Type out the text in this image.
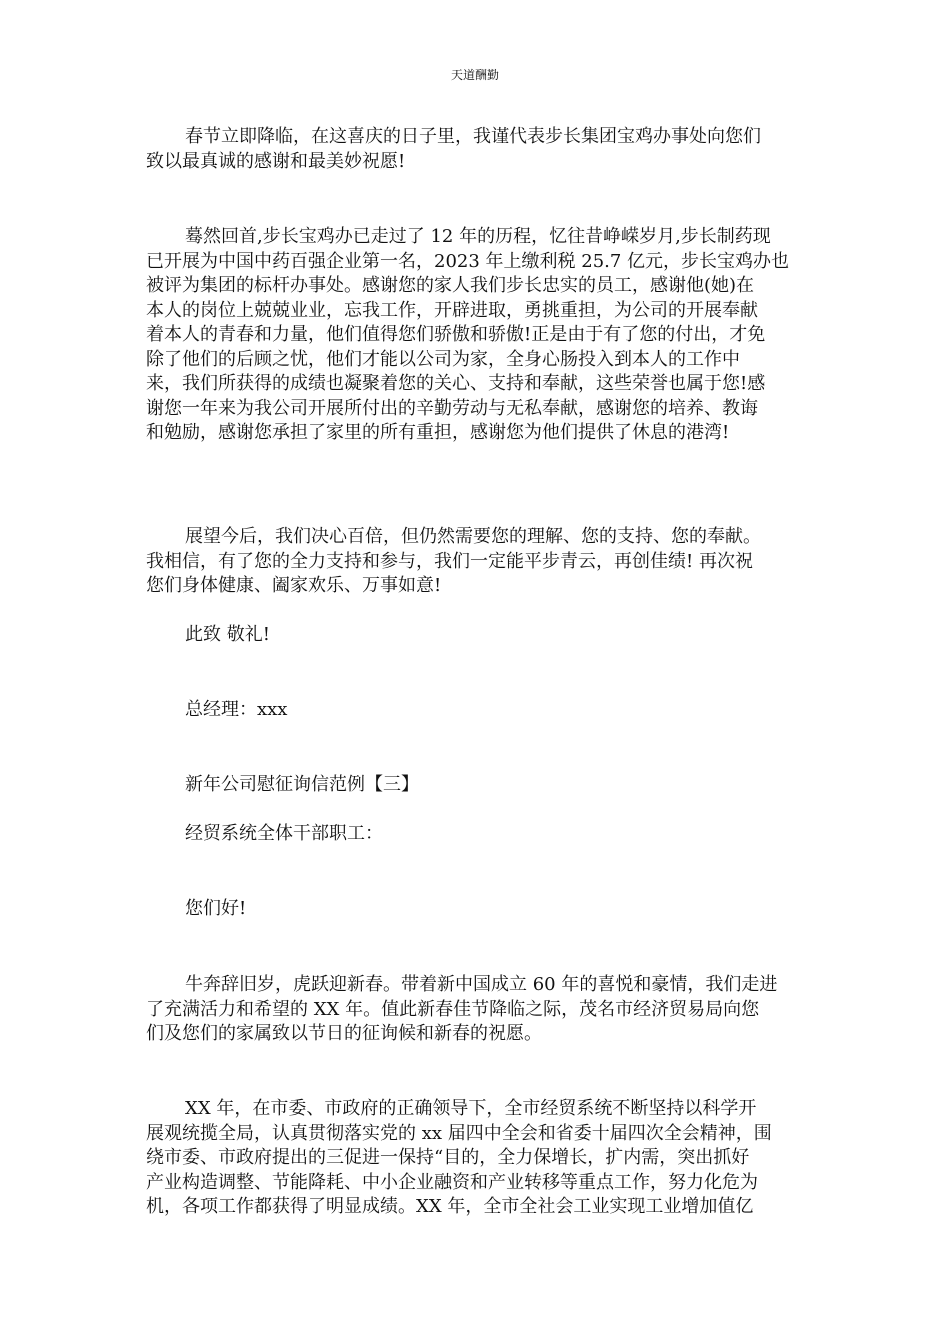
天道酬勤
春节立即降临，在这喜庆的日子里，我谨代表步长集团宝鸡办事处向您们
致以最真诚的感谢和最美妙祝愿!
蓦然回首,步长宝鸡办已走过了 12 年的历程，忆往昔峥嵘岁月,步长制药现
已开展为中国中药百强企业第一名，2023 年上缴利税 25.7 亿元，步长宝鸡办也
被评为集团的标杆办事处。感谢您的家人我们步长忠实的员工，感谢他(她)在
本人的岗位上兢兢业业，忘我工作，开辟进取，勇挑重担，为公司的开展奉献
着本人的青春和力量，他们值得您们骄傲和骄傲!正是由于有了您的付出，才免
除了他们的后顾之忧，他们才能以公司为家，全身心肠投入到本人的工作中
来，我们所获得的成绩也凝聚着您的关心、支持和奉献，这些荣誉也属于您!感
谢您一年来为我公司开展所付出的辛勤劳动与无私奉献，感谢您的培养、教诲
和勉励，感谢您承担了家里的所有重担，感谢您为他们提供了休息的港湾!
展望今后，我们决心百倍，但仍然需要您的理解、您的支持、您的奉献。
我相信，有了您的全力支持和参与，我们一定能平步青云，再创佳绩! 再次祝
您们身体健康、阖家欢乐、万事如意!
此致 敬礼!
总经理：xxx
新年公司慰征询信范例【三】
经贸系统全体干部职工：
您们好!
牛奔辞旧岁，虎跃迎新春。带着新中国成立 60 年的喜悦和豪情，我们走进
了充满活力和希望的 XX 年。值此新春佳节降临之际，茂名市经济贸易局向您
们及您们的家属致以节日的征询候和新春的祝愿。
XX 年，在市委、市政府的正确领导下，全市经贸系统不断坚持以科学开
展观统揽全局，认真贯彻落实党的 xx 届四中全会和省委十届四次全会精神，围
绕市委、市政府提出的三促进一保持“目的，全力保增长，扩内需，突出抓好
产业构造调整、节能降耗、中小企业融资和产业转移等重点工作，努力化危为
机，各项工作都获得了明显成绩。XX 年，全市全社会工业实现工业增加值亿
